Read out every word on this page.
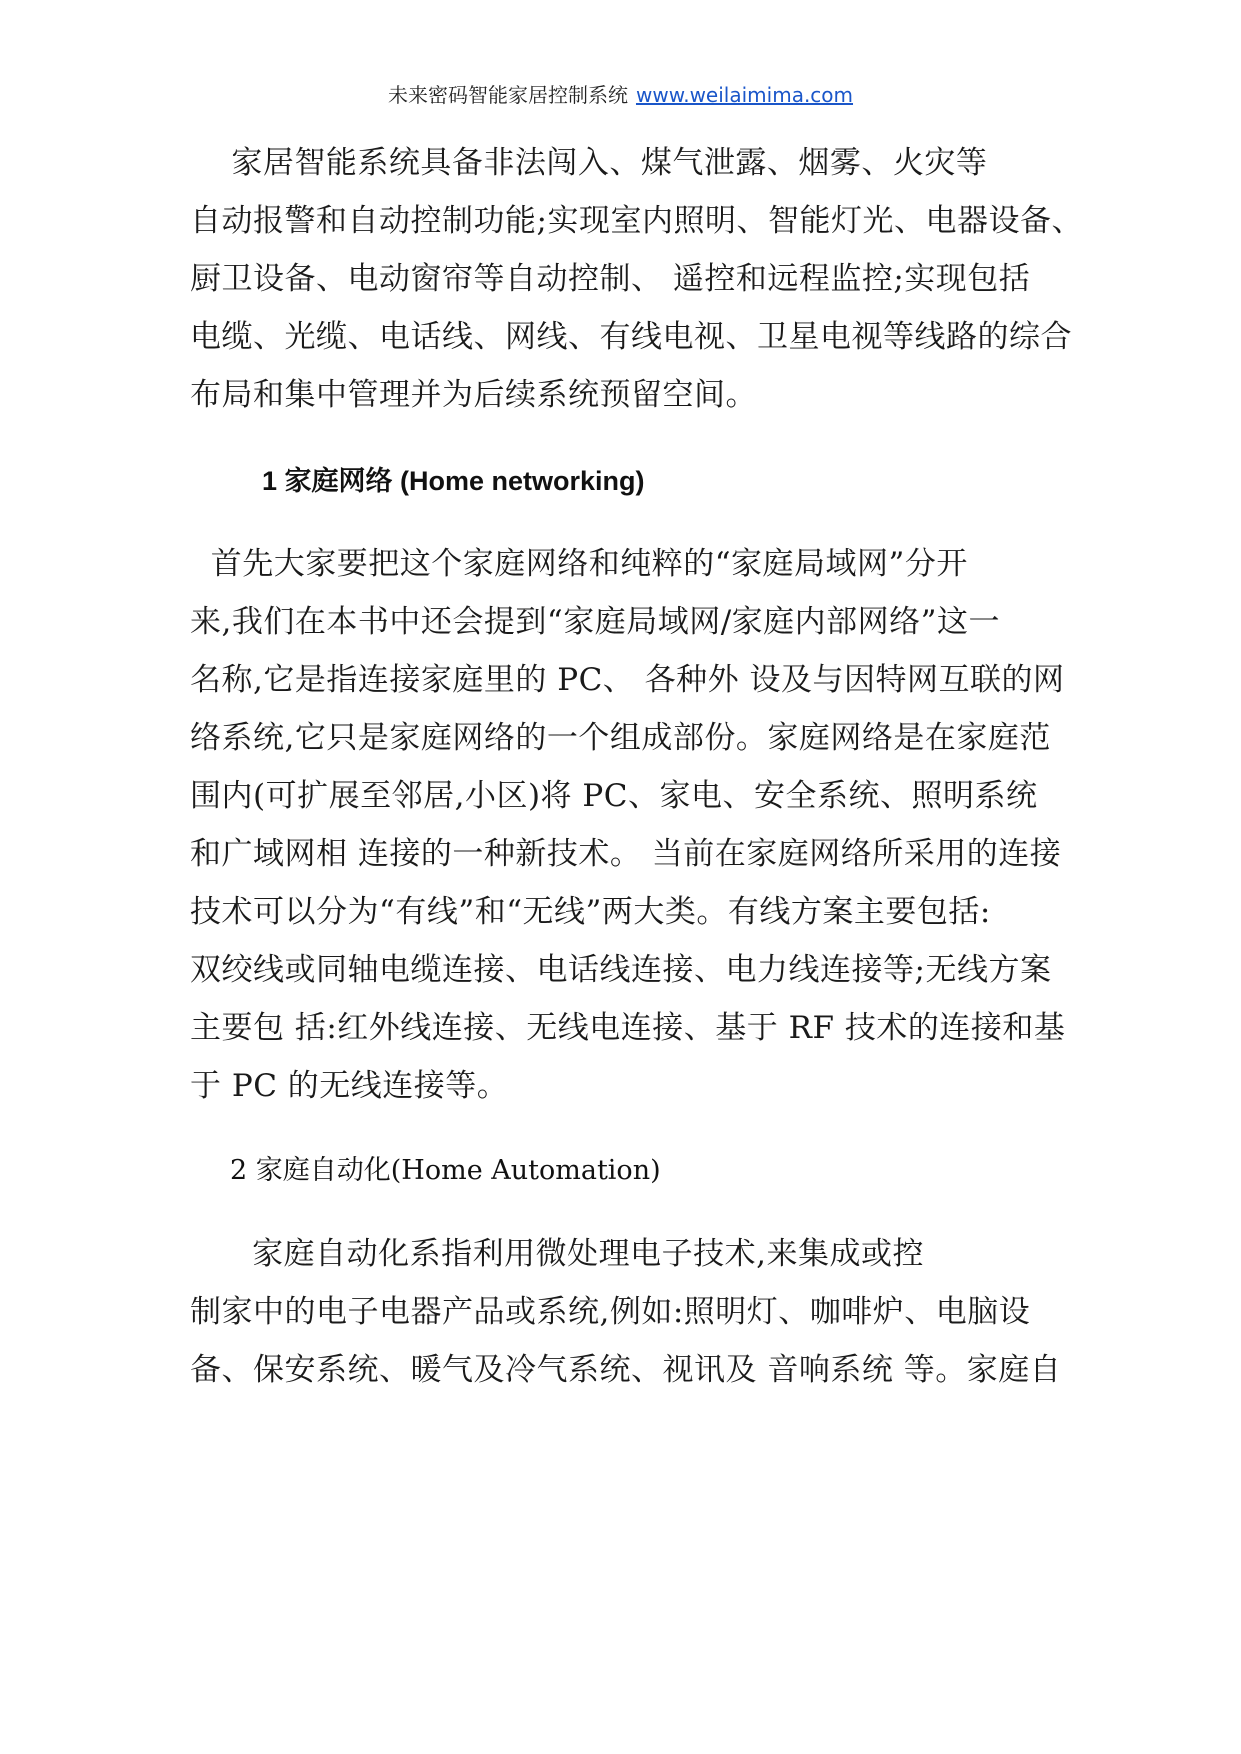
未来密码智能家居控制系统 www.weilaimima.com
家居智能系统具备非法闯入、煤气泄露、烟雾、火灾等
自动报警和自动控制功能;实现室内照明、智能灯光、电器设备、
厨卫设备、电动窗帘等自动控制、 遥控和远程监控;实现包括
电缆、光缆、电话线、网线、有线电视、卫星电视等线路的综合
布局和集中管理并为后续系统预留空间。
1 家庭网络 (Home networking)
首先大家要把这个家庭网络和纯粹的“家庭局域网”分开
来,我们在本书中还会提到“家庭局域网/家庭内部网络”这一
名称,它是指连接家庭里的 PC、 各种外 设及与因特网互联的网
络系统,它只是家庭网络的一个组成部份。家庭网络是在家庭范
围内(可扩展至邻居,小区)将 PC、家电、安全系统、照明系统
和广域网相 连接的一种新技术。 当前在家庭网络所采用的连接
技术可以分为“有线”和“无线”两大类。有线方案主要包括:
双绞线或同轴电缆连接、电话线连接、电力线连接等;无线方案
主要包 括:红外线连接、无线电连接、基于 RF 技术的连接和基
于 PC 的无线连接等。
2 家庭自动化(Home Automation)
家庭自动化系指利用微处理电子技术,来集成或控
制家中的电子电器产品或系统,例如:照明灯、咖啡炉、电脑设
备、保安系统、暖气及冷气系统、视讯及 音响系统 等。家庭自
